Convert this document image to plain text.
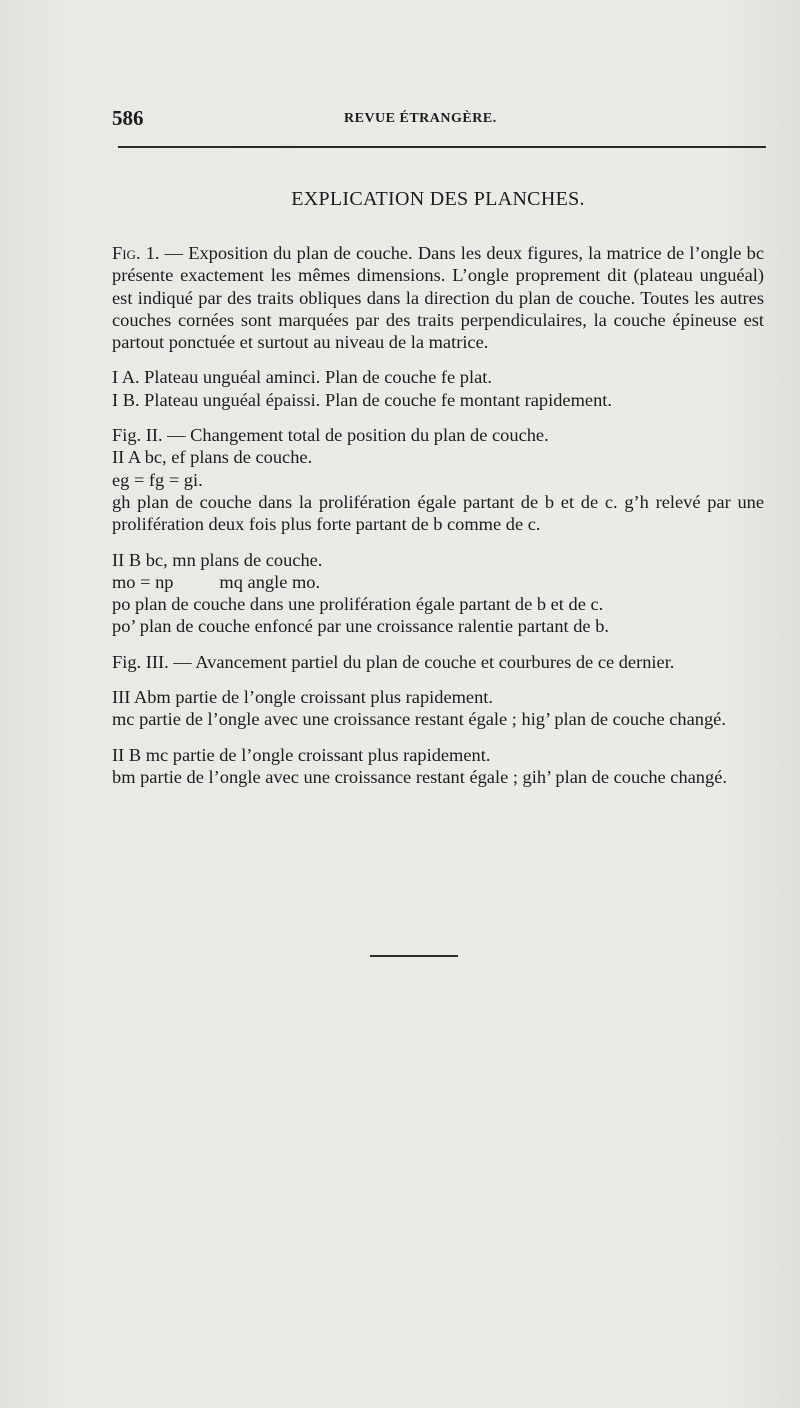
586	REVUE ÉTRANGÈRE.
EXPLICATION DES PLANCHES.

Fig. 1. — Exposition du plan de couche. Dans les deux figures, la matrice de l’ongle bc présente exactement les mêmes dimensions. L’ongle proprement dit (plateau unguéal) est indiqué par des traits obliques dans la direction du plan de couche. Toutes les autres couches cornées sont marquées par des traits perpendiculaires, la couche épineuse est partout ponctuée et surtout au niveau de la matrice.

I A. Plateau unguéal aminci. Plan de couche fe plat.

I B. Plateau unguéal épaissi. Plan de couche fe montant rapidement.

Fig. II. — Changement total de position du plan de couche.

II A bc, ef plans de couche.

eg = fg = gi.

gh plan de couche dans la prolifération égale partant de b et de c. g’h relevé par une prolifération deux fois plus forte partant de b comme de c.

II B bc, mn plans de couche.

mo = np          mq angle mo.

po plan de couche dans une prolifération égale partant de b et de c.

po’ plan de couche enfoncé par une croissance ralentie partant de b.

Fig. III. — Avancement partiel du plan de couche et courbures de ce dernier.

III Abm partie de l’ongle croissant plus rapidement.

mc partie de l’ongle avec une croissance restant égale ; hig’ plan de couche changé.

II B mc partie de l’ongle croissant plus rapidement.

bm partie de l’ongle avec une croissance restant égale ; gih’ plan de couche changé.
